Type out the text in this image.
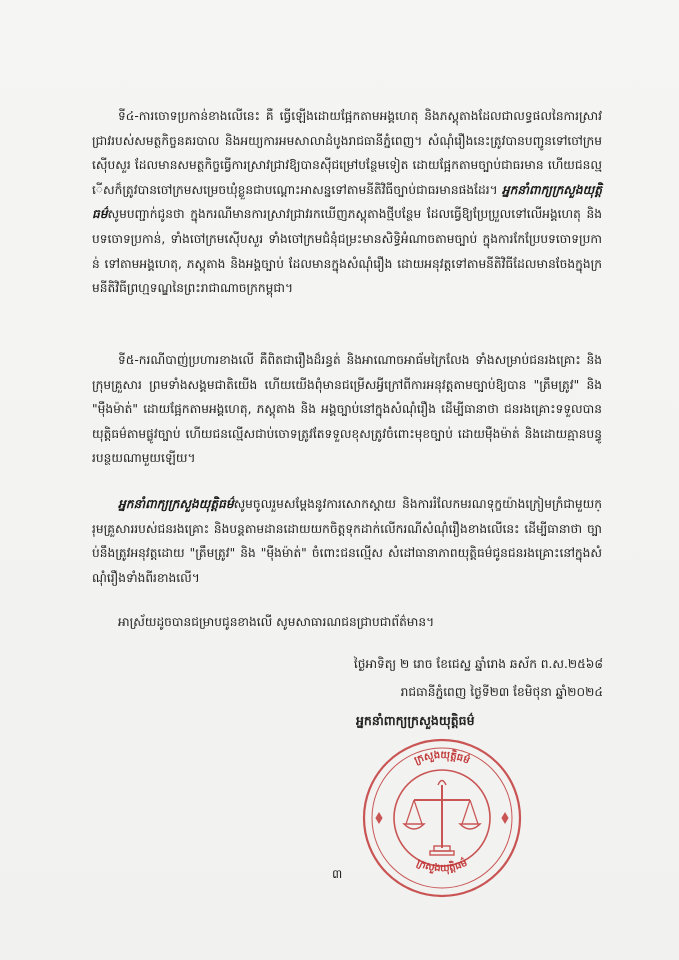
ទី៤-ការចោទប្រកាន់ខាងលើនេះ គឺ ធ្វើឡើងដោយផ្អែកតាមអង្គហេតុ និងភស្តុតាងដែលជាលទ្ធផលនៃការស្រាវជ្រាវរបស់សមត្ថកិច្ចនគរបាល និងអយ្យការអមសាលាដំបូងរាជធានីភ្នំពេញ។ សំណុំរឿងនេះត្រូវបានបញ្ជូនទៅចៅក្រមស៊ើបសួរ ដែលមានសមត្ថកិច្ចធ្វើការស្រាវជ្រាវឱ្យបានស៊ីជម្រៅបន្ថែមទៀត ដោយផ្អែកតាមច្បាប់ជាធរមាន ហើយជនល្មើសក៏ត្រូវបានចៅក្រមសម្រេចឃុំខ្លួនជាបណ្ដោះអាសន្នទៅតាមនីតិវិធីច្បាប់ជាធរមានផងដែរ។ អ្នកនាំពាក្យក្រសួងយុត្តិធម៌សូមបញ្ជាក់ជូនថា ក្នុងករណីមានការស្រាវជ្រាវរកឃើញភស្តុតាងថ្មីបន្ថែម ដែលធ្វើឱ្យប្រែប្រួលទៅលើអង្គហេតុ និងបទចោទប្រកាន់, ទាំងចៅក្រមស៊ើបសួរ ទាំងចៅក្រមជំនុំជម្រះមានសិទ្ធិអំណាចតាមច្បាប់ ក្នុងការកែប្រែបទចោទប្រកាន់ ទៅតាមអង្គហេតុ, ភស្តុតាង និងអង្គច្បាប់ ដែលមានក្នុងសំណុំរឿង ដោយអនុវត្តទៅតាមនីតិវិធីដែលមានចែងក្នុងក្រមនីតិវិធីព្រហ្មទណ្ឌនៃព្រះរាជាណាចក្រកម្ពុជា។
ទី៥-ករណីបាញ់ប្រហារខាងលើ គឺពិតជារឿងដ៏រន្ធត់ និងអាណោចអាធ័មក្រៃលែង ទាំងសម្រាប់ជនរងគ្រោះ និងក្រុមគ្រួសារ ព្រមទាំងសង្គមជាតិយើង ហើយយើងពុំមានជម្រើសអ្វីក្រៅពីការអនុវត្តតាមច្បាប់ឱ្យបាន "ត្រឹមត្រូវ" និង "ម៉ឺងម៉ាត់" ដោយផ្អែកតាមអង្គហេតុ, ភស្តុតាង និង អង្គច្បាប់នៅក្នុងសំណុំរឿង ដើម្បីធានាថា ជនរងគ្រោះទទួលបានយុត្តិធម៌តាមផ្លូវច្បាប់ ហើយជនល្មើសជាប់ចោទត្រូវតែទទួលខុសត្រូវចំពោះមុខច្បាប់ ដោយម៉ឺងម៉ាត់ និងដោយគ្មានបន្ធូរបន្ថយណាមួយឡើយ។
អ្នកនាំពាក្យក្រសួងយុត្តិធម៌សូមចូលរួមសម្ដែងនូវការសោកស្ដាយ និងការរំលែកមរណទុក្ខយ៉ាងក្រៀមក្រំជាមួយក្រុមគ្រួសាររបស់ជនរងគ្រោះ និងបន្តតាមដានដោយយកចិត្តទុកដាក់លើករណីសំណុំរឿងខាងលើនេះ ដើម្បីធានាថា ច្បាប់នឹងត្រូវអនុវត្តដោយ "ត្រឹមត្រូវ" និង "ម៉ឺងម៉ាត់" ចំពោះជនល្មើស សំដៅធានាភាពយុត្តិធម៌ជូនជនរងគ្រោះនៅក្នុងសំណុំរឿងទាំងពីរខាងលើ។
អាស្រ័យដូចបានជម្រាបជូនខាងលើ សូមសាធារណជនជ្រាបជាព័ត៌មាន។
ថ្ងៃអាទិត្យ ២ រោច ខែជេស្ឋ ឆ្នាំរោង ឆស័ក ព.ស.២៥៦៨
រាជធានីភ្នំពេញ ថ្ងៃទី២៣ ខែមិថុនា ឆ្នាំ២០២៤
អ្នកនាំពាក្យក្រសួងយុត្តិធម៌
ក្រសួងយុត្តិធម៌
ក្រសួងយុត្តិធម៌
៣
